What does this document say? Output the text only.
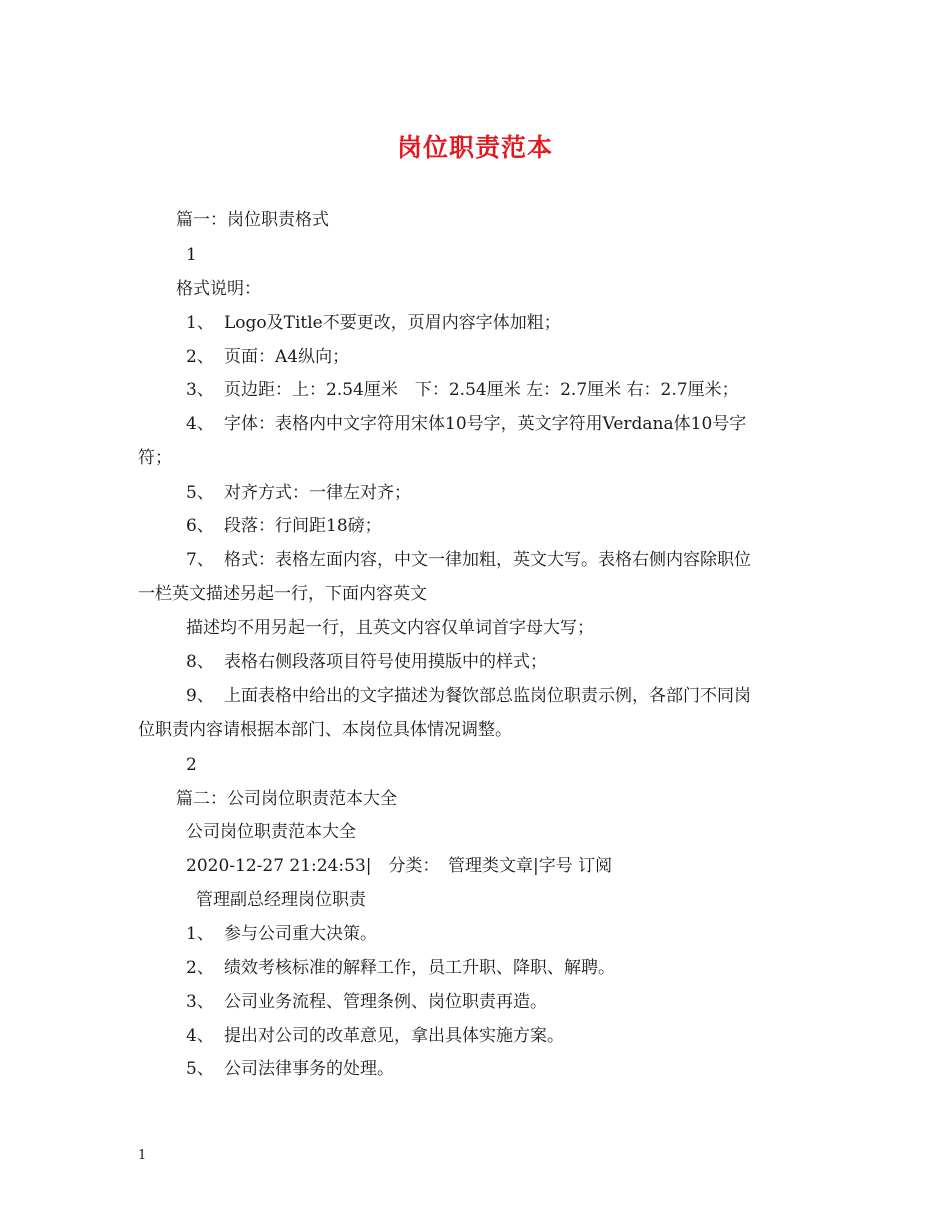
岗位职责范本
篇一：岗位职责格式
1
格式说明：
1、 Logo及Title不要更改，页眉内容字体加粗；
2、 页面：A4纵向；
3、 页边距：上：2.54厘米　下：2.54厘米 左：2.7厘米 右：2.7厘米；
4、 字体：表格内中文字符用宋体10号字，英文字符用Verdana体10号字
符；
5、 对齐方式：一律左对齐；
6、 段落：行间距18磅；
7、 格式：表格左面内容，中文一律加粗，英文大写。表格右侧内容除职位
一栏英文描述另起一行，下面内容英文
描述均不用另起一行，且英文内容仅单词首字母大写；
8、 表格右侧段落项目符号使用摸版中的样式；
9、 上面表格中给出的文字描述为餐饮部总监岗位职责示例，各部门不同岗
位职责内容请根据本部门、本岗位具体情况调整。
2
篇二：公司岗位职责范本大全
公司岗位职责范本大全
2020-12-27 21:24:53|　分类：　管理类文章|字号 订阅
管理副总经理岗位职责
1、 参与公司重大决策。
2、 绩效考核标准的解释工作，员工升职、降职、解聘。
3、 公司业务流程、管理条例、岗位职责再造。
4、 提出对公司的改革意见，拿出具体实施方案。
5、 公司法律事务的处理。
1
